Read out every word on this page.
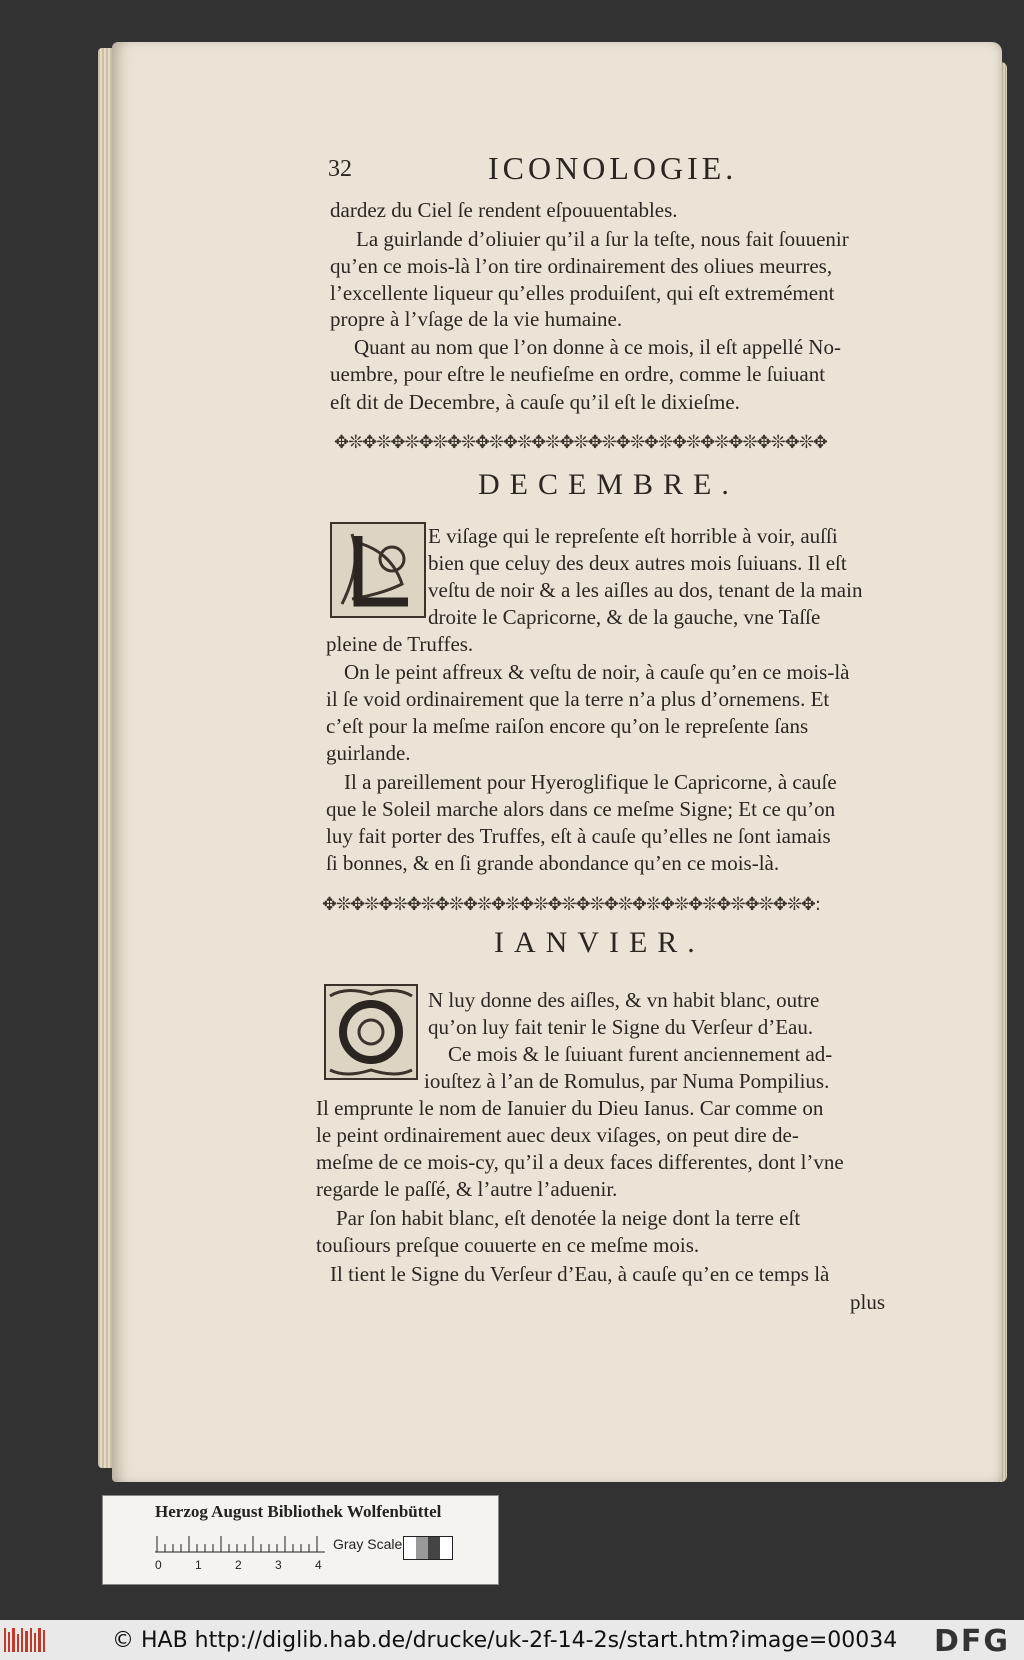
32	ICONOLOGIE.
dardez du Ciel ſe rendent eſpouuentables.
La guirlande d’oliuier qu’il a ſur la teſte, nous fait ſouuenir
qu’en ce mois-là l’on tire ordinairement des oliues meurres,
l’excellente liqueur qu’elles produiſent, qui eſt extremément
propre à l’vſage de la vie humaine.
Quant au nom que l’on donne à ce mois, il eſt appellé No-
uembre, pour eſtre le neufieſme en ordre, comme le ſuiuant
eſt dit de Decembre, à cauſe qu’il eſt le dixieſme.
✥❊✥❊✥❊✥❊✥❊✥❊✥❊✥❊✥❊✥❊✥❊✥❊✥❊✥❊✥❊✥❊✥❊✥
DECEMBRE.
E viſage qui le repreſente eſt horrible à voir, auſſi
bien que celuy des deux autres mois ſuiuans. Il eſt
veſtu de noir & a les aiſles au dos, tenant de la main
droite le Capricorne, & de la gauche, vne Taſſe
pleine de Truffes.
On le peint affreux & veſtu de noir, à cauſe qu’en ce mois-là
il ſe void ordinairement que la terre n’a plus d’ornemens. Et
c’eſt pour la meſme raiſon encore qu’on le repreſente ſans
guirlande.
Il a pareillement pour Hyeroglifique le Capricorne, à cauſe
que le Soleil marche alors dans ce meſme Signe; Et ce qu’on
luy fait porter des Truffes, eſt à cauſe qu’elles ne ſont iamais
ſi bonnes, & en ſi grande abondance qu’en ce mois-là.
✥❊✥❊✥❊✥❊✥❊✥❊✥❊✥❊✥❊✥❊✥❊✥❊✥❊✥❊✥❊✥❊✥❊✥:
IANVIER.
N luy donne des aiſles, & vn habit blanc, outre
qu’on luy fait tenir le Signe du Verſeur d’Eau.
Ce mois & le ſuiuant furent anciennement ad-
iouſtez à l’an de Romulus, par Numa Pompilius.
Il emprunte le nom de Ianuier du Dieu Ianus. Car comme on
le peint ordinairement auec deux viſages, on peut dire de-
meſme de ce mois-cy, qu’il a deux faces differentes, dont l’vne
regarde le paſſé, & l’autre l’aduenir.
Par ſon habit blanc, eſt denotée la neige dont la terre eſt
touſiours preſque couuerte en ce meſme mois.
Il tient le Signe du Verſeur d’Eau, à cauſe qu’en ce temps là
plus
Herzog August Bibliothek Wolfenbüttel
0	1	2	3	4
Gray Scale
© HAB http://diglib.hab.de/drucke/uk-2f-14-2s/start.htm?image=00034 DFG
